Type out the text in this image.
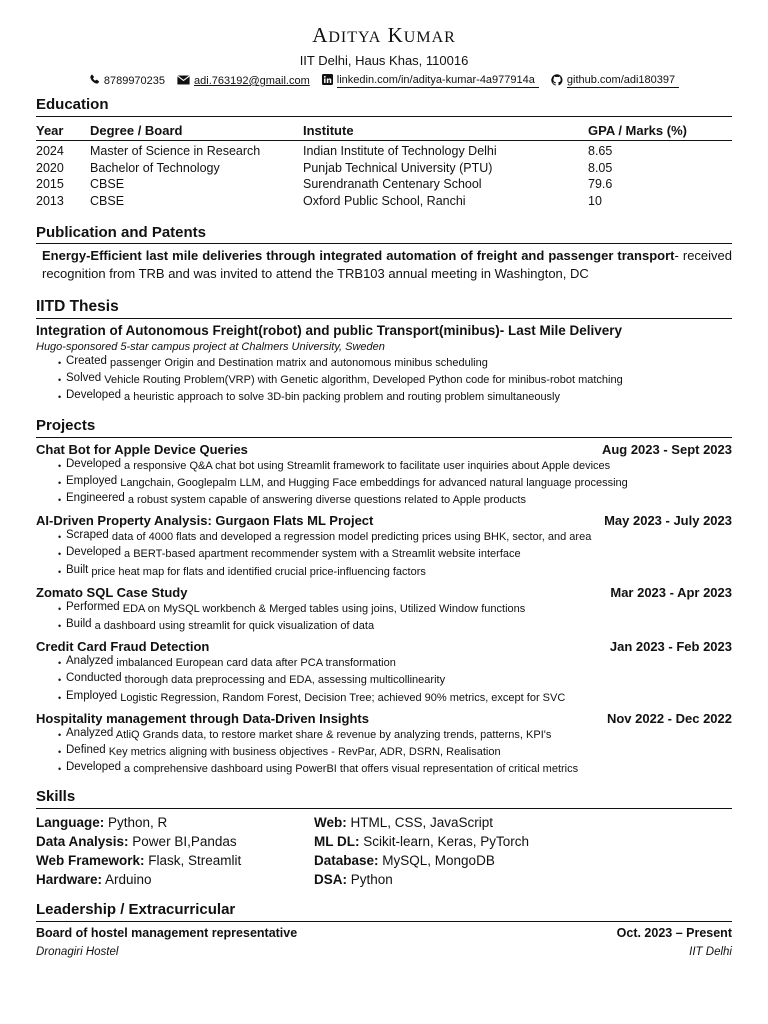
ADITYA KUMAR
IIT Delhi, Haus Khas, 110016
8789970235	adi.763192@gmail.com linkedin.com/in/aditya-kumar-4a977914a	github.com/adi180397
Education
Year	Degree / Board	Institute	GPA / Marks (%)
2024	Master of Science in Research	Indian Institute of Technology Delhi	8.65
2020	Bachelor of Technology	Punjab Technical University (PTU)	8.05
2015	CBSE	Surendranath Centenary School	79.6
2013	CBSE	Oxford Public School, Ranchi	10
Publication and Patents
Energy-Efficient last mile deliveries through integrated automation of freight and passenger transport- received recognition from TRB and was invited to attend the TRB103 annual meeting in Washington, DC
IITD Thesis
Integration of Autonomous Freight(robot) and public Transport(minibus)- Last Mile Delivery
Hugo-sponsored 5-star campus project at Chalmers University, Sweden
• Created passenger Origin and Destination matrix and autonomous minibus scheduling
• Solved Vehicle Routing Problem(VRP) with Genetic algorithm, Developed Python code for minibus-robot matching
• Developed a heuristic approach to solve 3D-bin packing problem and routing problem simultaneously
Projects
Chat Bot for Apple Device Queries	Aug 2023 - Sept 2023
• Developed a responsive Q&A chat bot using Streamlit framework to facilitate user inquiries about Apple devices
• Employed Langchain, Googlepalm LLM, and Hugging Face embeddings for advanced natural language processing
• Engineered a robust system capable of answering diverse questions related to Apple products
AI-Driven Property Analysis: Gurgaon Flats ML Project	May 2023 - July 2023
• Scraped data of 4000 flats and developed a regression model predicting prices using BHK, sector, and area
• Developed a BERT-based apartment recommender system with a Streamlit website interface
• Built price heat map for flats and identified crucial price-influencing factors
Zomato SQL Case Study	Mar 2023 - Apr 2023
• Performed EDA on MySQL workbench & Merged tables using joins, Utilized Window functions
• Build a dashboard using streamlit for quick visualization of data
Credit Card Fraud Detection	Jan 2023 - Feb 2023
• Analyzed imbalanced European card data after PCA transformation
• Conducted thorough data preprocessing and EDA, assessing multicollinearity
• Employed Logistic Regression, Random Forest, Decision Tree; achieved 90% metrics, except for SVC
Hospitality management through Data-Driven Insights	Nov 2022 - Dec 2022
• Analyzed AtliQ Grands data, to restore market share & revenue by analyzing trends, patterns, KPI's
• Defined Key metrics aligning with business objectives - RevPar, ADR, DSRN, Realisation
• Developed a comprehensive dashboard using PowerBI that offers visual representation of critical metrics
Skills
Language: Python, R	Web: HTML, CSS, JavaScript
Data Analysis: Power BI,Pandas	ML DL: Scikit-learn, Keras, PyTorch
Web Framework: Flask, Streamlit	Database: MySQL, MongoDB
Hardware: Arduino	DSA: Python
Leadership / Extracurricular
Board of hostel management representative	Oct. 2023 – Present
Dronagiri Hostel	IIT Delhi
